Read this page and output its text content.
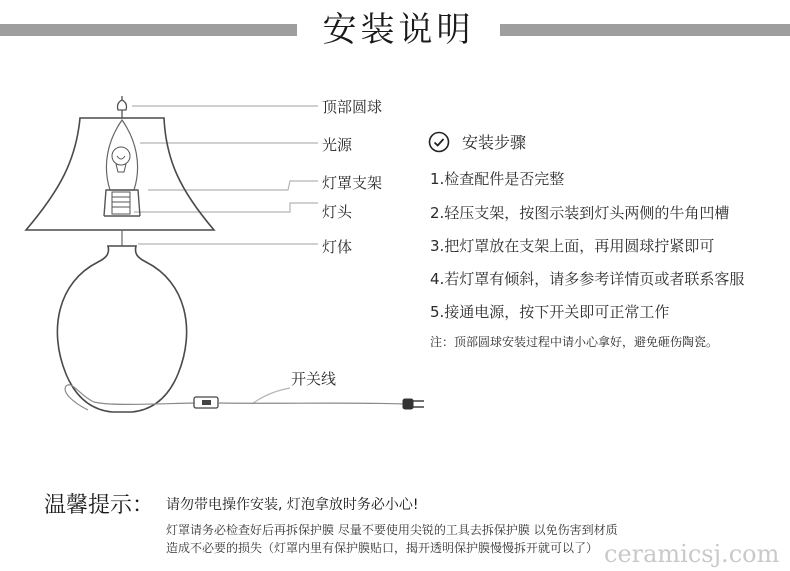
安装说明
顶部圆球
光源
灯罩支架
灯头
灯体
开关线
安装步骤
1.检查配件是否完整
2.轻压支架，按图示装到灯头两侧的牛角凹槽
3.把灯罩放在支架上面，再用圆球拧紧即可
4.若灯罩有倾斜，请多参考详情页或者联系客服
5.接通电源，按下开关即可正常工作
注：顶部圆球安装过程中请小心拿好，避免砸伤陶瓷。
温馨提示： 请勿带电操作安装, 灯泡拿放时务必小心!
灯罩请务必检查好后再拆保护膜 尽量不要使用尖锐的工具去拆保护膜 以免伤害到材质
造成不必要的损失（灯罩内里有保护膜贴口，揭开透明保护膜慢慢拆开就可以了） ceramicsj.com
